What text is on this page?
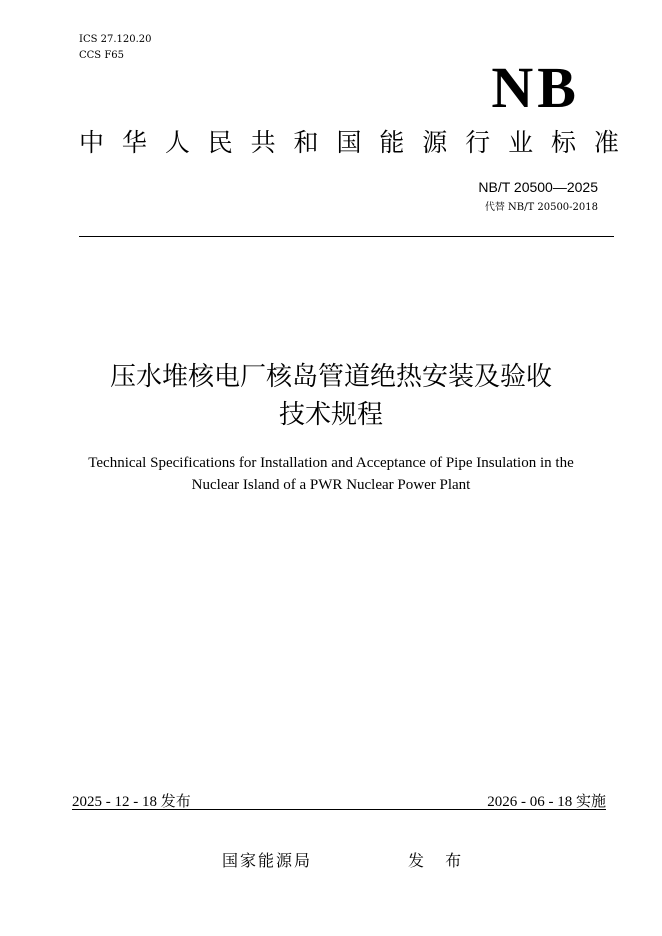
ICS 27.120.20
CCS F65	NB
中 华 人 民 共 和 国 能 源 行 业 标 准
NB/T 20500—2025
代替 NB/T 20500-2018
压水堆核电厂核岛管道绝热安装及验收
技术规程
Technical Specifications for Installation and Acceptance of Pipe Insulation in the
Nuclear Island of a PWR Nuclear Power Plant
2025 - 12 - 18 发布	2026 - 06 - 18 实施
国家能源局	发 布
